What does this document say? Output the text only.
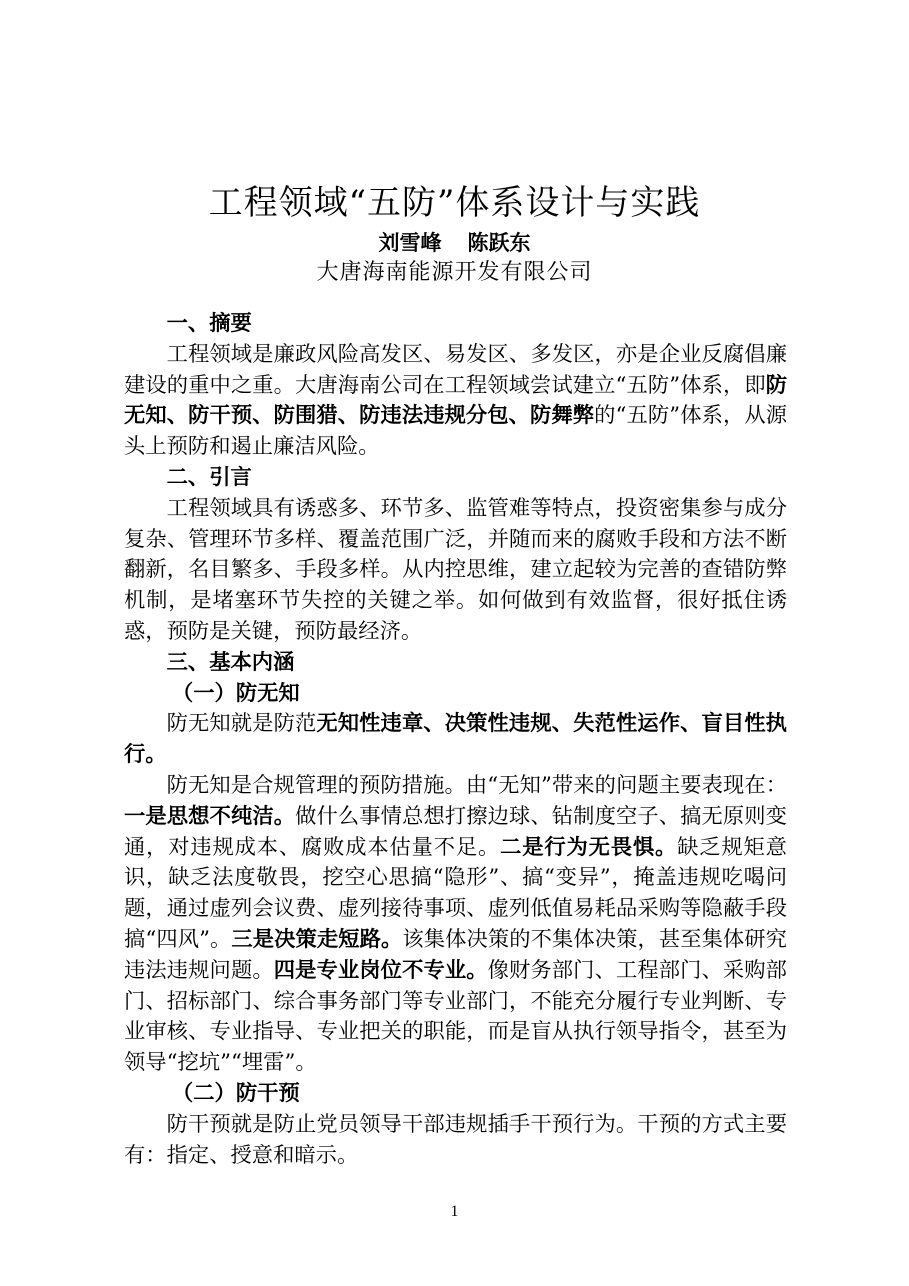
工程领域“五防”体系设计与实践
刘雪峰 陈跃东
大唐海南能源开发有限公司

一、摘要

工程领域是廉政风险高发区、易发区、多发区，亦是企业反腐倡廉建设的重中之重。大唐海南公司在工程领域尝试建立“五防”体系，即防无知、防干预、防围猎、防违法违规分包、防舞弊的“五防”体系，从源头上预防和遏止廉洁风险。

二、引言

工程领域具有诱惑多、环节多、监管难等特点，投资密集参与成分复杂、管理环节多样、覆盖范围广泛，并随而来的腐败手段和方法不断翻新，名目繁多、手段多样。从内控思维，建立起较为完善的查错防弊机制，是堵塞环节失控的关键之举。如何做到有效监督，很好抵住诱惑，预防是关键，预防最经济。

三、基本内涵

（一）防无知

防无知就是防范无知性违章、决策性违规、失范性运作、盲目性执行。

防无知是合规管理的预防措施。由“无知”带来的问题主要表现在：一是思想不纯洁。做什么事情总想打擦边球、钻制度空子、搞无原则变通，对违规成本、腐败成本估量不足。二是行为无畏惧。缺乏规矩意识，缺乏法度敬畏，挖空心思搞“隐形”、搞“变异”，掩盖违规吃喝问题，通过虚列会议费、虚列接待事项、虚列低值易耗品采购等隐蔽手段搞“四风”。三是决策走短路。该集体决策的不集体决策，甚至集体研究违法违规问题。四是专业岗位不专业。像财务部门、工程部门、采购部门、招标部门、综合事务部门等专业部门，不能充分履行专业判断、专业审核、专业指导、专业把关的职能，而是盲从执行领导指令，甚至为领导“挖坑”“埋雷”。

（二）防干预

防干预就是防止党员领导干部违规插手干预行为。干预的方式主要有：指定、授意和暗示。

1
